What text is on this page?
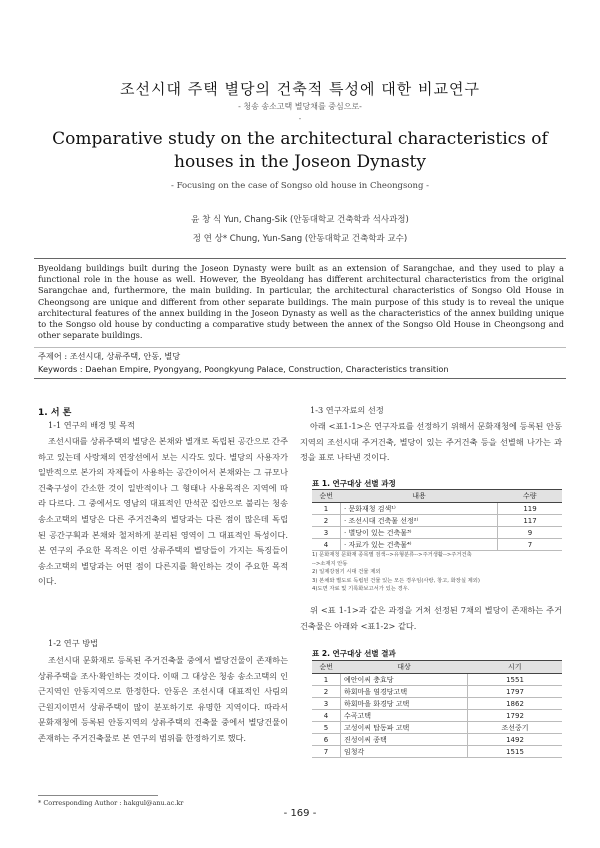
조선시대 주택 별당의 건축적 특성에 대한 비교연구
- 청송 송소고택 별당채를 중심으로-
-
Comparative study on the architectural characteristics of houses in the Joseon Dynasty
- Focusing on the case of Songso old house in Cheongsong -
윤 창 식 Yun, Chang-Sik (안동대학교 건축학과 석사과정)
정 연 상* Chung, Yun-Sang (안동대학교 건축학과 교수)
Byeoldang buildings built during the Joseon Dynasty were built as an extension of Sarangchae, and they used to play a functional role in the house as well. However, the Byeoldang has different architectural characteristics from the original Sarangchae and, furthermore, the main building. In particular, the architectural characteristics of Songso Old House in Cheongsong are unique and different from other separate buildings. The main purpose of this study is to reveal the unique architectural features of the annex building in the Joseon Dynasty as well as the characteristics of the annex building unique to the Songso old house by conducting a comparative study between the annex of the Songso Old House in Cheongsong and other separate buildings.
주제어 : 조선시대, 상류주택, 안동, 별당
Keywords : Daehan Empire, Pyongyang, Poongkyung Palace, Construction, Characteristics transition
1. 서 론
1-1 연구의 배경 및 목적
조선시대를 상류주택의 별당은 본채와 별개로 독립된 공간으로 간주하고 있는데 사랑채의 연장선에서 보는 시각도 있다. 별당의 사용자가 일반적으로 본가의 자제들이 사용하는 공간이어서 본채와는 그 규모나 건축구성이 간소한 것이 일반적이나 그 형태나 사용목적은 지역에 따라 다르다. 그 중에서도 영남의 대표적인 만석꾼 집안으로 불리는 청송 송소고택의 별당은 다른 주거건축의 별당과는 다른 점이 많은데 독립된 공간구획과 본채와 철저하게 분리된 영역이 그 대표적인 특성이다. 본 연구의 주요한 목적은 이런 상류주택의 별당들이 가지는 특징들이 송소고택의 별당과는 어떤 점이 다른지를 확인하는 것이 주요한 목적이다.
1-2 연구 방법
조선시대 문화재로 등록된 주거건축물 중에서 별당건물이 존재하는 상류주택을 조사·확인하는 것이다. 이때 그 대상은 청송 송소고택의 인근지역인 안동지역으로 한정한다. 안동은 조선시대 대표적인 사림의 근원지이면서 상류주택이 많이 분포하기로 유명한 지역이다. 따라서 문화재청에 등록된 안동지역의 상류주택의 건축물 중에서 별당건물이 존재하는 주거건축물로 본 연구의 범위를 한정하기로 했다.
* Corresponding Author : hakgul@anu.ac.kr
1-3 연구자료의 선정
아래 <표1-1>은 연구자료를 선정하기 위해서 문화재청에 등록된 안동지역의 조선시대 주거건축, 별당이 있는 주거건축 등을 선별해 나가는 과정을 표로 나타낸 것이다.
표 1. 연구대상 선별 과정
순번	내용	수량
1	· 문화재청 검색¹⁾	119
2	· 조선시대 건축물 선정²⁾	117
3	· 별당이 있는 건축물³⁾	9
4	· 자료가 있는 건축물⁴⁾	7
1) 문화재청 문화재 종목별 검색-->유형분류-->주거생활-->주거건축
-->소재지 안동
2) 일제강점기 시대 건물 제외
3) 본채와 별도로 독립된 건물 있는 모든 경우임(사랑, 창고, 화장실 제외)
4)도면 자료 및 기록화보고서가 있는 경우.
위 <표 1-1>과 같은 과정을 거쳐 선정된 7채의 별당이 존재하는 주거건축물은 아래와 <표1-2> 같다.
표 2. 연구대상 선별 결과
순번	대상	시기
1	예안이씨 충효당	1551
2	하회마을 염경당고택	1797
3	하회마을 화경당 고택	1862
4	수곡고택	1792
5	고성이씨 탑동파 고택	조선중기
6	진성이씨 종택	1492
7	임청각	1515
- 169 -
